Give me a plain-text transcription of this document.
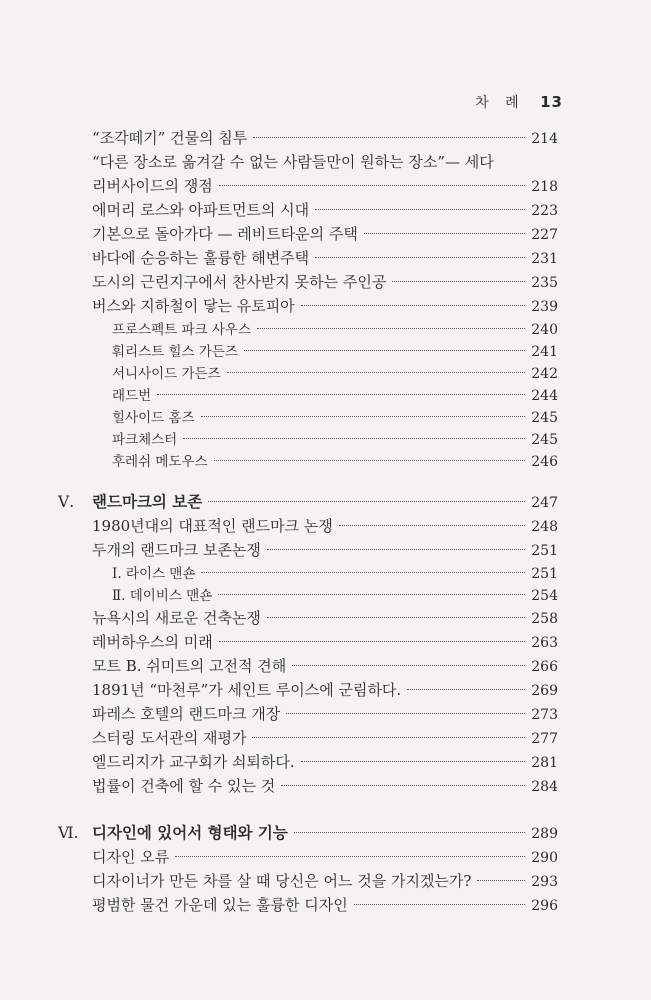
차 례 13
“조각떼기” 건물의 침투	214
“다른 장소로 옮겨갈 수 없는 사람들만이 원하는 장소”— 세다
리버사이드의 쟁점	218
에머리 로스와 아파트먼트의 시대	223
기본으로 돌아가다 — 레비트타운의 주택	227
바다에 순응하는 훌륭한 해변주택	231
도시의 근린지구에서 찬사받지 못하는 주인공	235
버스와 지하철이 닿는 유토피아	239
프로스펙트 파크 사우스	240
훠리스트 힐스 가든즈	241
서니사이드 가든즈	242
래드번	244
힐사이드 홈즈	245
파크체스터	245
후레쉬 메도우스	246
Ⅴ.	랜드마크의 보존	247
1980년대의 대표적인 랜드마크 논쟁	248
두개의 랜드마크 보존논쟁	251
Ⅰ. 라이스 맨숀	251
Ⅱ. 데이비스 맨숀	254
뉴욕시의 새로운 건축논쟁	258
레버하우스의 미래	263
모트 B. 쉬미트의 고전적 견해	266
1891년 “마천루”가 세인트 루이스에 군림하다.	269
파레스 호텔의 랜드마크 개장	273
스터링 도서관의 재평가	277
엘드리지가 교구회가 쇠퇴하다.	281
법률이 건축에 할 수 있는 것	284
Ⅵ. 디자인에 있어서 형태와 기능	289
디자인 오류	290
디자이너가 만든 차를 살 때 당신은 어느 것을 가지겠는가?	293
평범한 물건 가운데 있는 훌륭한 디자인	296
